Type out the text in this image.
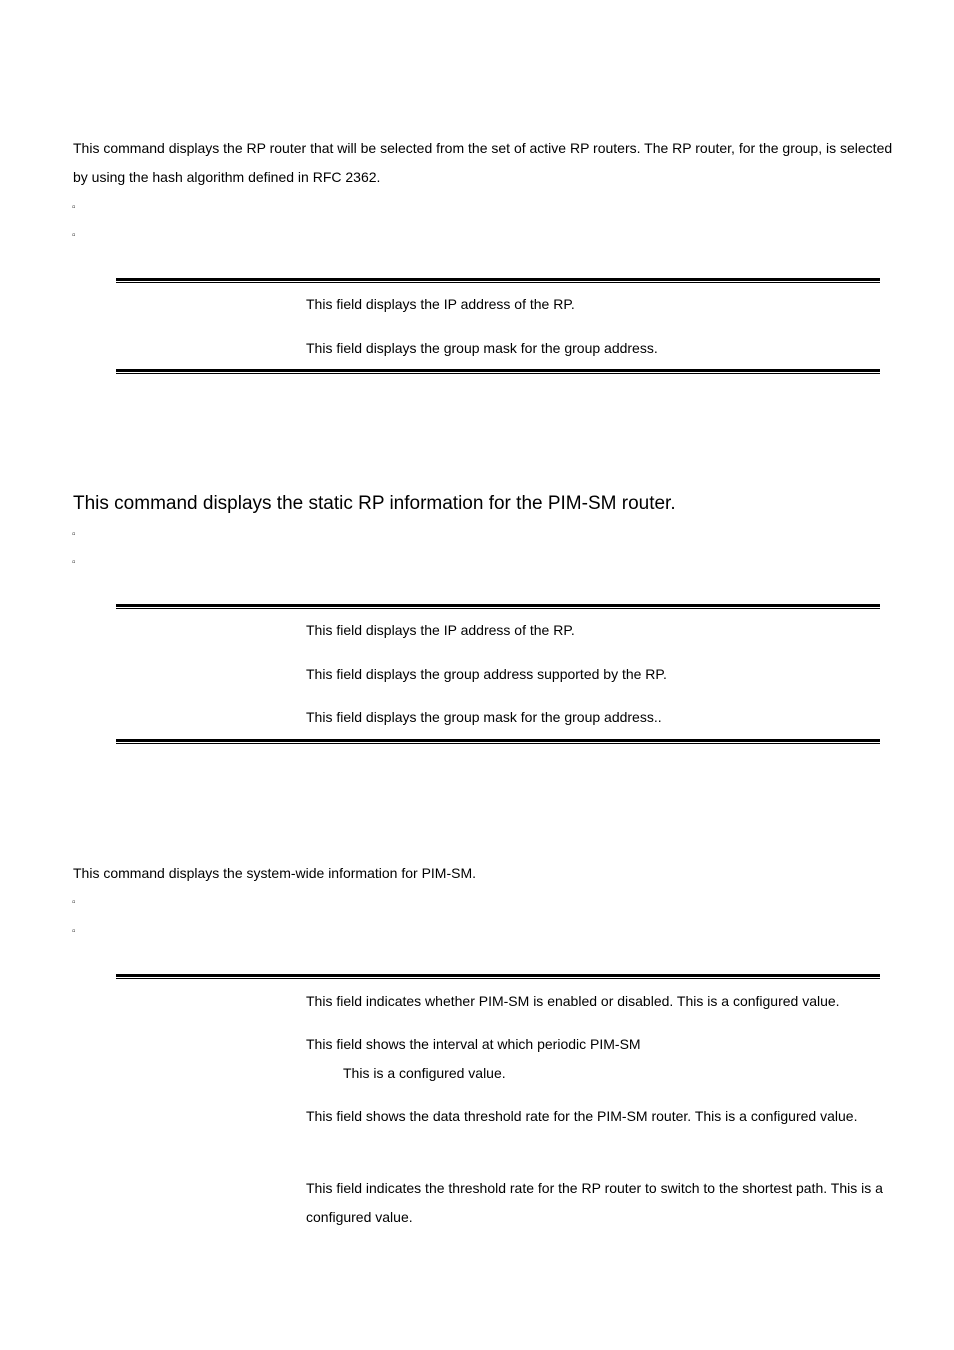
This command displays the RP router that will be selected from the set of active RP routers. The RP router, for the group, is selected by using the hash algorithm defined in RFC 2362.
▫
▫
This field displays the IP address of the RP.
This field displays the group mask for the group address.
This command displays the static RP information for the PIM-SM router.
▫
▫
This field displays the IP address of the RP.
This field displays the group address supported by the RP.
This field displays the group mask for the group address..
This command displays the system-wide information for PIM-SM.
▫
▫
This field indicates whether PIM-SM is enabled or disabled. This is a configured value.
This field shows the interval at which periodic PIM-SM
This is a configured value.
This field shows the data threshold rate for the PIM-SM router. This is a configured value.
This field indicates the threshold rate for the RP router to switch to the shortest path. This is a configured value.
